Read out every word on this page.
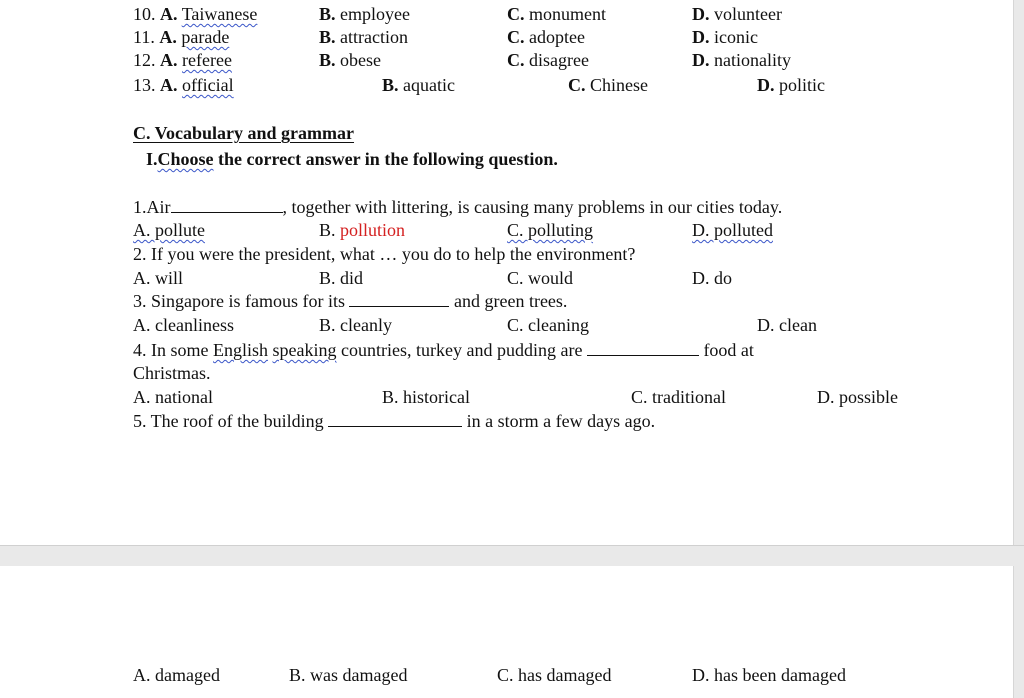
10. A. Taiwanese	B. employee	C. monument	D. volunteer
11. A. parade	B. attraction	C. adoptee	D. iconic
12. A. referee	B. obese	C. disagree	D. nationality
13. A. official	B. aquatic	C. Chinese	D. politic
C. Vocabulary and grammar
I.Choose the correct answer in the following question.
1.Air	, together with littering, is causing many problems in our cities today.
A. pollute	B. pollution	C. polluting	D. polluted
2. If you were the president, what … you do to help the environment?
A. will	B. did	C. would	D. do
3. Singapore is famous for its	and green trees.
A. cleanliness	B. cleanly	C. cleaning	D. clean
4. In some English speaking countries, turkey and pudding are	food at
Christmas.
A. national	B. historical	C. traditional	D. possible
5. The roof of the building	in a storm a few days ago.
A. damaged	B. was damaged	C. has damaged	D. has been damaged
